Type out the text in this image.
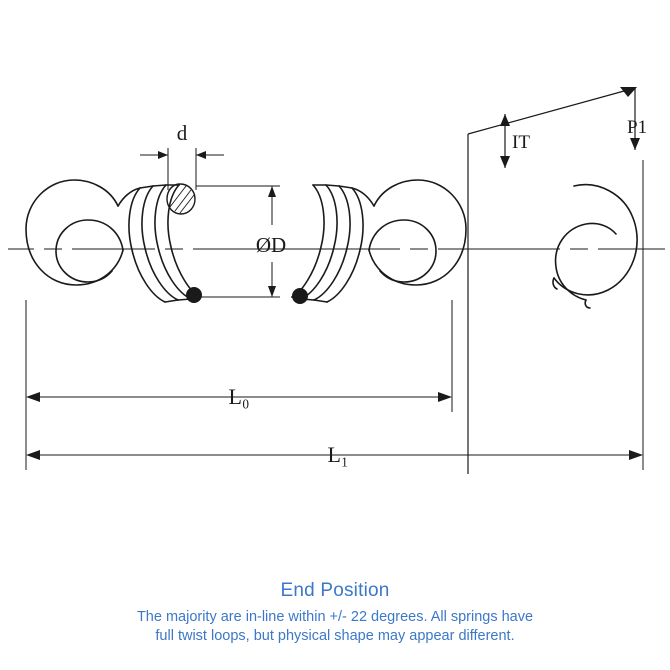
d
ØD
IT
P1
L₀
L₁
End Position
The majority are in-line within +/- 22 degrees. All springs have
full twist loops, but physical shape may appear different.
